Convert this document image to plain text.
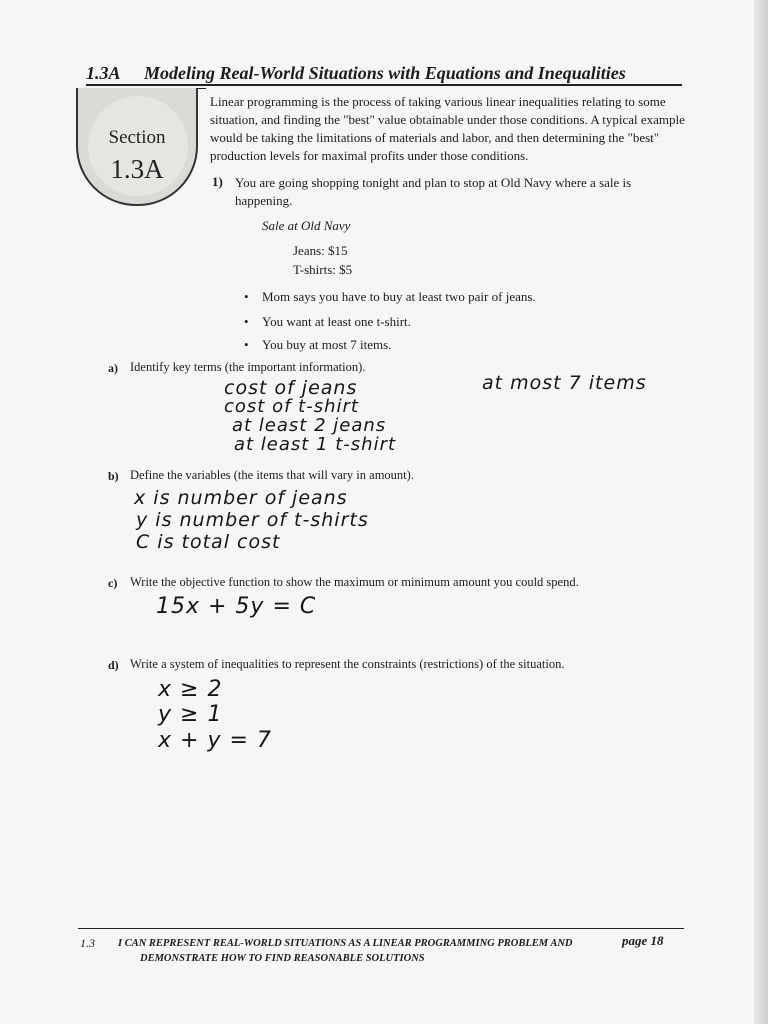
1.3A Modeling Real-World Situations with Equations and Inequalities
Section
1.3A
Linear programming is the process of taking various linear inequalities relating to some situation, and finding the "best" value obtainable under those conditions. A typical example would be taking the limitations of materials and labor, and then determining the "best" production levels for maximal profits under those conditions.
1) You are going shopping tonight and plan to stop at Old Navy where a sale is happening.
Sale at Old Navy
Jeans: $15
T-shirts: $5
• Mom says you have to buy at least two pair of jeans.
• You want at least one t-shirt.
• You buy at most 7 items.
a) Identify key terms (the important information).
cost of jeans
cost of t-shirt
at least 2 jeans
at least 1 t-shirt
at most 7 items
b) Define the variables (the items that will vary in amount).
x is number of jeans
y is number of t-shirts
C is total cost
c) Write the objective function to show the maximum or minimum amount you could spend.
15x + 5y = C
d) Write a system of inequalities to represent the constraints (restrictions) of the situation.
x ≥ 2
y ≥ 1
x + y = 7
1.3 I CAN REPRESENT REAL-WORLD SITUATIONS AS A LINEAR PROGRAMMING PROBLEM AND
DEMONSTRATE HOW TO FIND REASONABLE SOLUTIONS
page 18
